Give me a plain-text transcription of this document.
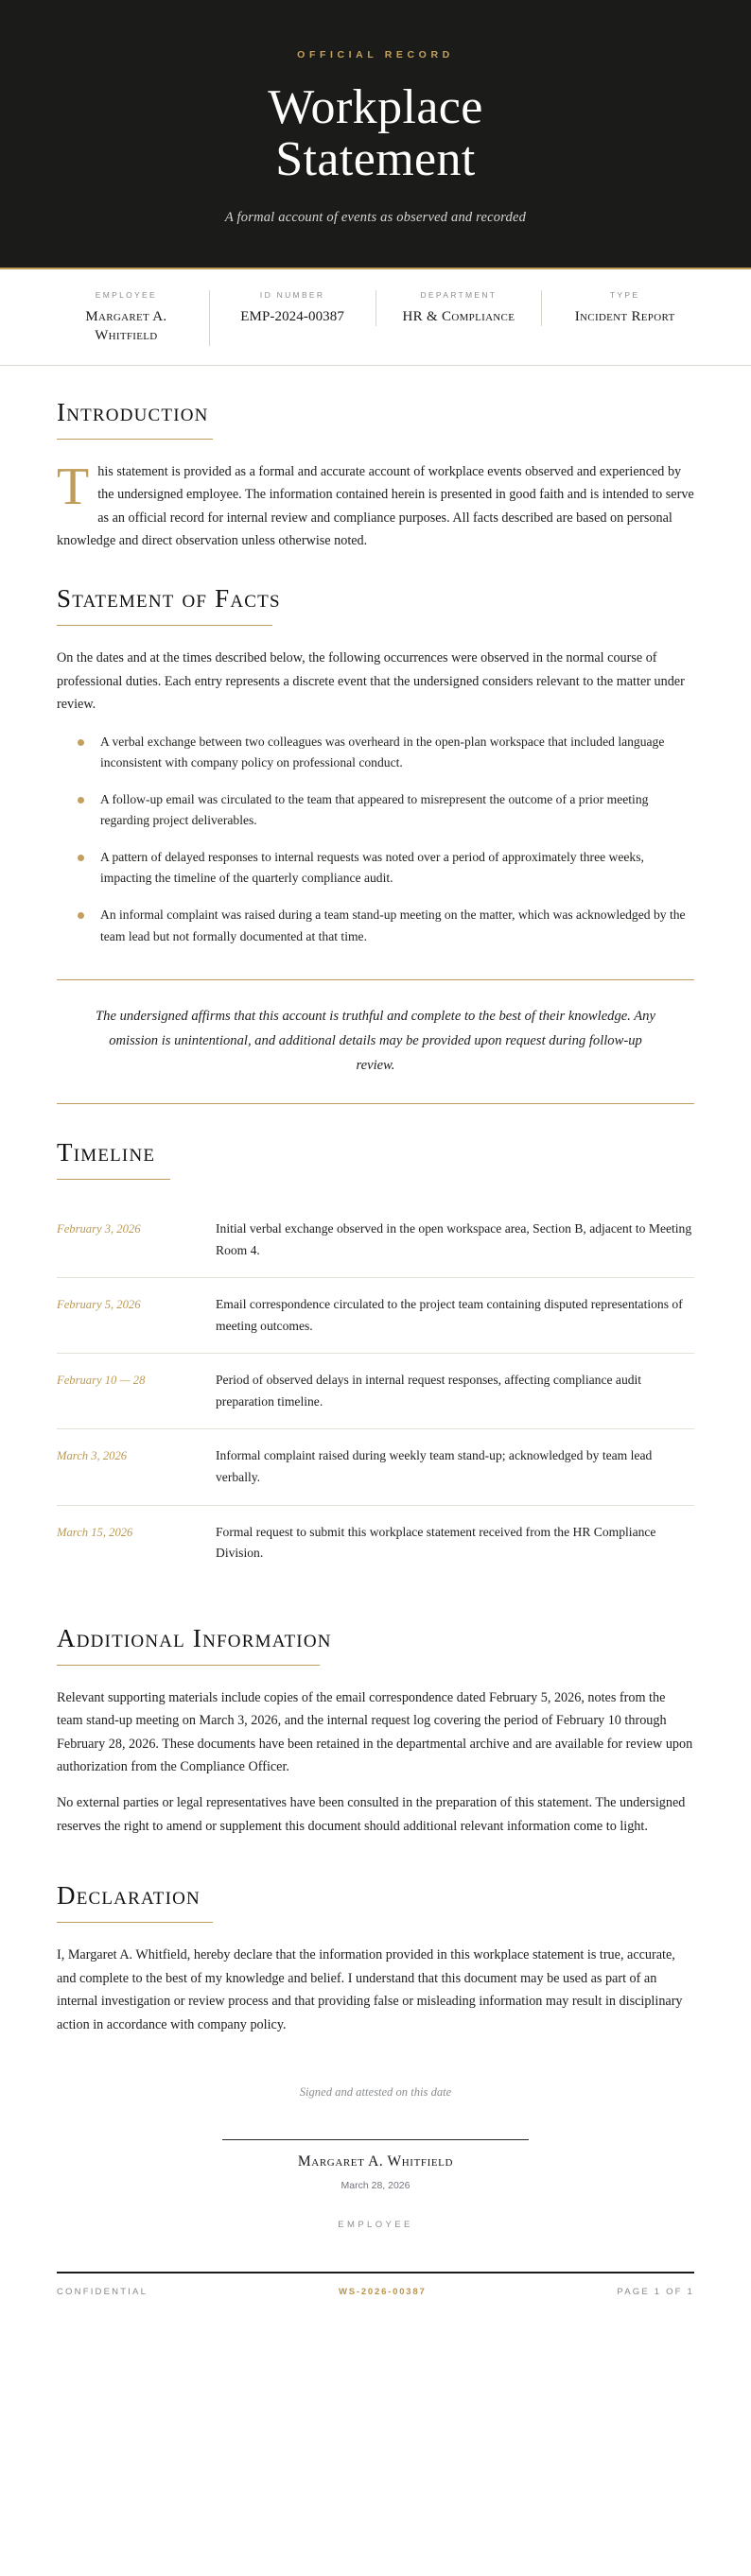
OFFICIAL RECORD
Workplace Statement
A formal account of events as observed and recorded
EMPLOYEE
Margaret A. Whitfield
ID NUMBER
EMP-2024-00387
DEPARTMENT
HR & Compliance
TYPE
Incident Report
Introduction

This statement is provided as a formal and accurate account of workplace events observed and experienced by the undersigned employee. The information contained herein is presented in good faith and is intended to serve as an official record for internal review and compliance purposes. All facts described are based on personal knowledge and direct observation unless otherwise noted.

Statement of Facts

On the dates and at the times described below, the following occurrences were observed in the normal course of professional duties. Each entry represents a discrete event that the undersigned considers relevant to the matter under review.

A verbal exchange between two colleagues was overheard in the open-plan workspace that included language inconsistent with company policy on professional conduct.
A follow-up email was circulated to the team that appeared to misrepresent the outcome of a prior meeting regarding project deliverables.
A pattern of delayed responses to internal requests was noted over a period of approximately three weeks, impacting the timeline of the quarterly compliance audit.
An informal complaint was raised during a team stand-up meeting on the matter, which was acknowledged by the team lead but not formally documented at that time.
The undersigned affirms that this account is truthful and complete to the best of their knowledge. Any omission is unintentional, and additional details may be provided upon request during follow-up review.
Timeline
February 3, 2026	Initial verbal exchange observed in the open workspace area, Section B, adjacent to Meeting Room 4.
February 5, 2026	Email correspondence circulated to the project team containing disputed representations of meeting outcomes.
February 10 — 28	Period of observed delays in internal request responses, affecting compliance audit preparation timeline.
March 3, 2026	Informal complaint raised during weekly team stand-up; acknowledged by team lead verbally.
March 15, 2026	Formal request to submit this workplace statement received from the HR Compliance Division.
Additional Information

Relevant supporting materials include copies of the email correspondence dated February 5, 2026, notes from the team stand-up meeting on March 3, 2026, and the internal request log covering the period of February 10 through February 28, 2026. These documents have been retained in the departmental archive and are available for review upon authorization from the Compliance Officer.

No external parties or legal representatives have been consulted in the preparation of this statement. The undersigned reserves the right to amend or supplement this document should additional relevant information come to light.

Declaration

I, Margaret A. Whitfield, hereby declare that the information provided in this workplace statement is true, accurate, and complete to the best of my knowledge and belief. I understand that this document may be used as part of an internal investigation or review process and that providing false or misleading information may result in disciplinary action in accordance with company policy.

Signed and attested on this date
Margaret A. Whitfield
March 28, 2026
EMPLOYEE
CONFIDENTIAL	WS-2026-00387	PAGE 1 OF 1
